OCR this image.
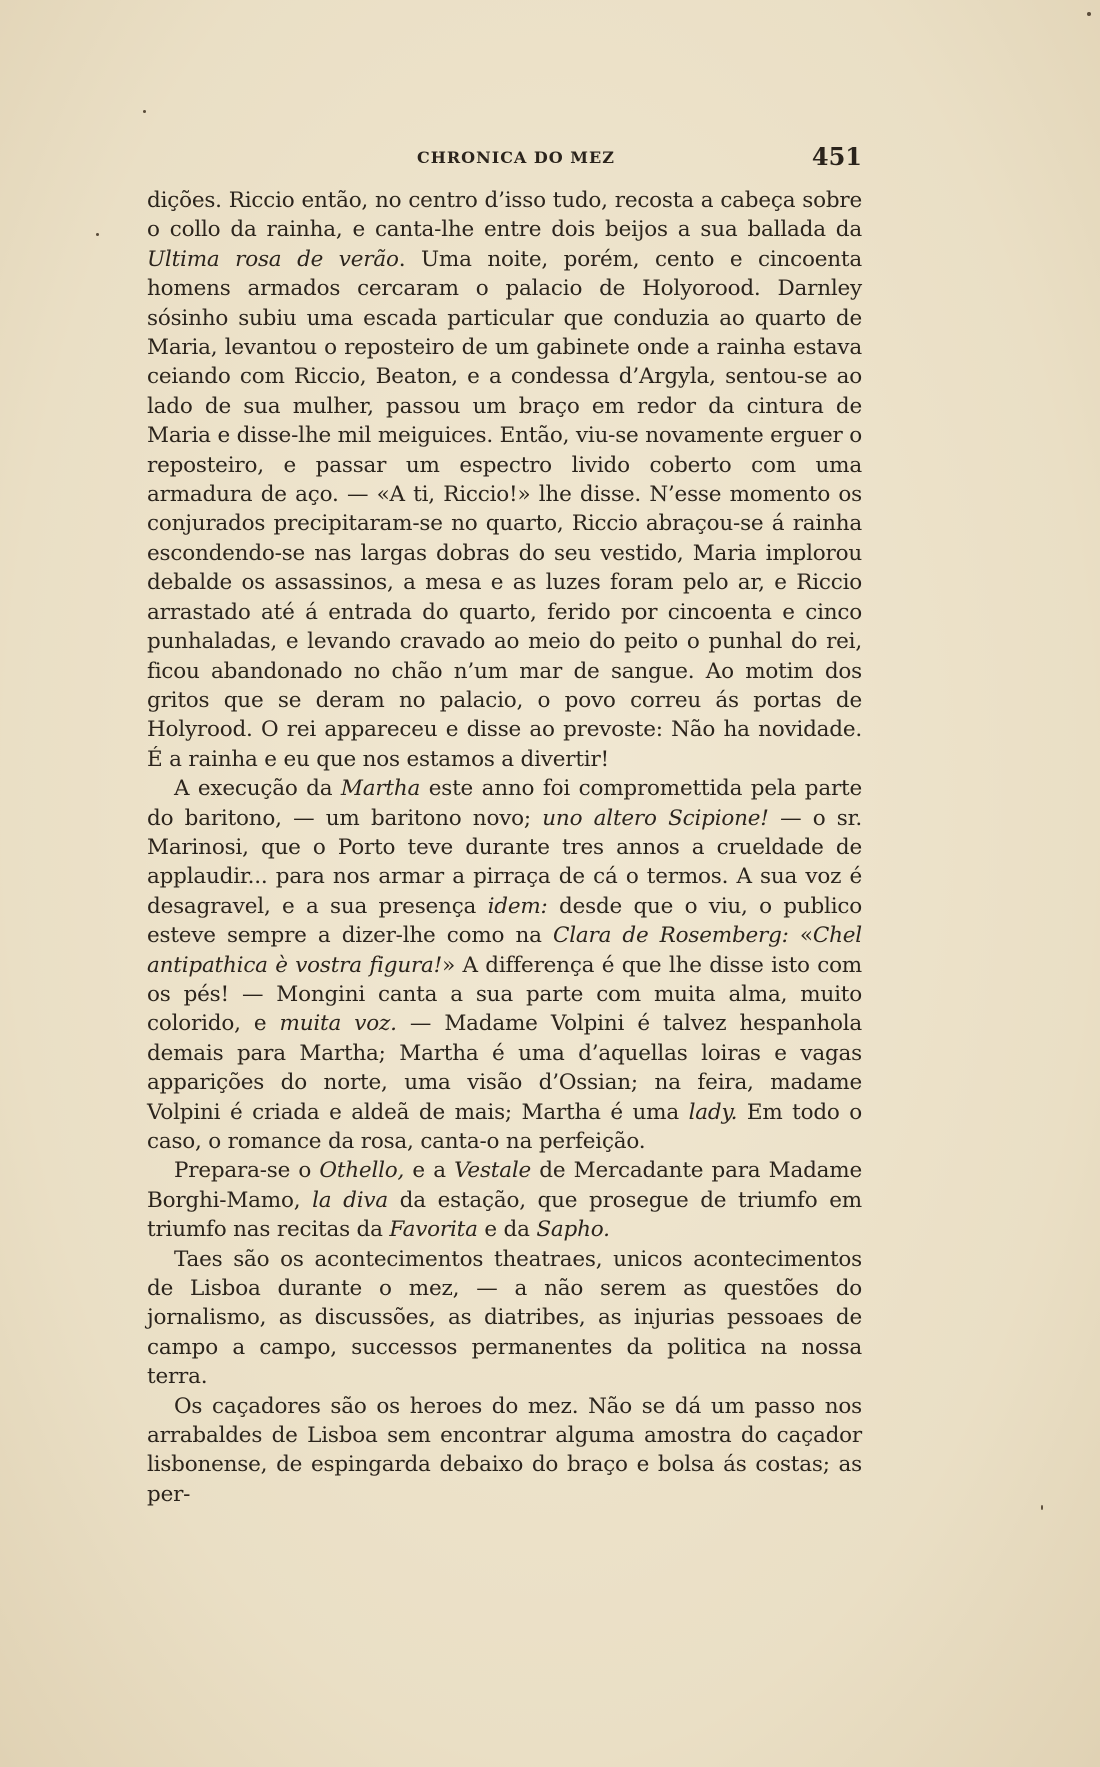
CHRONICA DO MEZ	451

dições. Riccio então, no centro d’isso tudo, recosta a cabeça sobre o collo da rainha, e canta-lhe entre dois beijos a sua ballada da Ultima rosa de verão. Uma noite, porém, cento e cincoenta homens armados cercaram o palacio de Holyorood. Darnley sósinho subiu uma escada particular que conduzia ao quarto de Maria, levantou o reposteiro de um gabinete onde a rainha estava ceiando com Riccio, Beaton, e a condessa d’Argyla, sentou-se ao lado de sua mulher, passou um braço em redor da cintura de Maria e disse-lhe mil meiguices. Então, viu-se novamente erguer o reposteiro, e passar um espectro livido coberto com uma armadura de aço. — «A ti, Riccio!» lhe disse. N’esse momento os conjurados precipitaram-se no quarto, Riccio abraçou-se á rainha escondendo-se nas largas dobras do seu vestido, Maria implorou debalde os assassinos, a mesa e as luzes foram pelo ar, e Riccio arrastado até á entrada do quarto, ferido por cincoenta e cinco punhaladas, e levando cravado ao meio do peito o punhal do rei, ficou abandonado no chão n’um mar de sangue. Ao motim dos gritos que se deram no palacio, o povo correu ás portas de Holyrood. O rei appareceu e disse ao prevoste: Não ha novidade. É a rainha e eu que nos estamos a divertir!

A execução da Martha este anno foi compromettida pela parte do baritono, — um baritono novo; uno altero Scipione! — o sr. Marinosi, que o Porto teve durante tres annos a crueldade de applaudir... para nos armar a pirraça de cá o termos. A sua voz é desagravel, e a sua presença idem: desde que o viu, o publico esteve sempre a dizer-lhe como na Clara de Rosemberg: «Chel antipathica è vostra figura!» A differença é que lhe disse isto com os pés! — Mongini canta a sua parte com muita alma, muito colorido, e muita voz. — Madame Volpini é talvez hespanhola demais para Martha; Martha é uma d’aquellas loiras e vagas apparições do norte, uma visão d’Ossian; na feira, madame Volpini é criada e aldeã de mais; Martha é uma lady. Em todo o caso, o romance da rosa, canta-o na perfeição.

Prepara-se o Othello, e a Vestale de Mercadante para Madame Borghi-Mamo, la diva da estação, que prosegue de triumfo em triumfo nas recitas da Favorita e da Sapho.

Taes são os acontecimentos theatraes, unicos acontecimentos de Lisboa durante o mez, — a não serem as questões do jornalismo, as discussões, as diatribes, as injurias pessoaes de campo a campo, successos permanentes da politica na nossa terra.

Os caçadores são os heroes do mez. Não se dá um passo nos arrabaldes de Lisboa sem encontrar alguma amostra do caçador lisbonense, de espingarda debaixo do braço e bolsa ás costas; as per-
